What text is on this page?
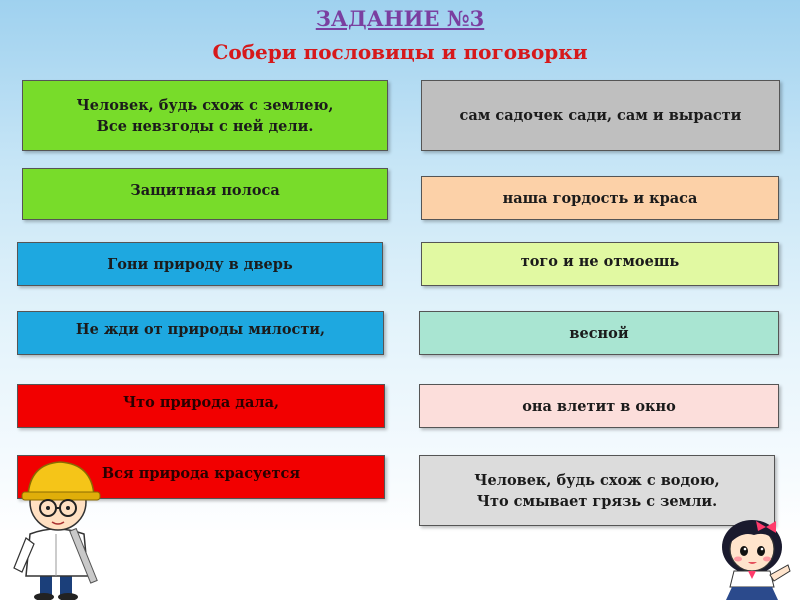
ЗАДАНИЕ №3
Собери пословицы и поговорки
Человек, будь схож с землею,
Все невзгоды с ней дели.
Защитная полоса
Гони природу в дверь
Не жди от природы милости,
Что природа дала,
Вся природа красуется
сам садочек сади, сам и вырасти
наша гордость и краса
того и не отмоешь
весной
она влетит в окно
Человек, будь схож с водою,
Что смывает грязь с земли.
